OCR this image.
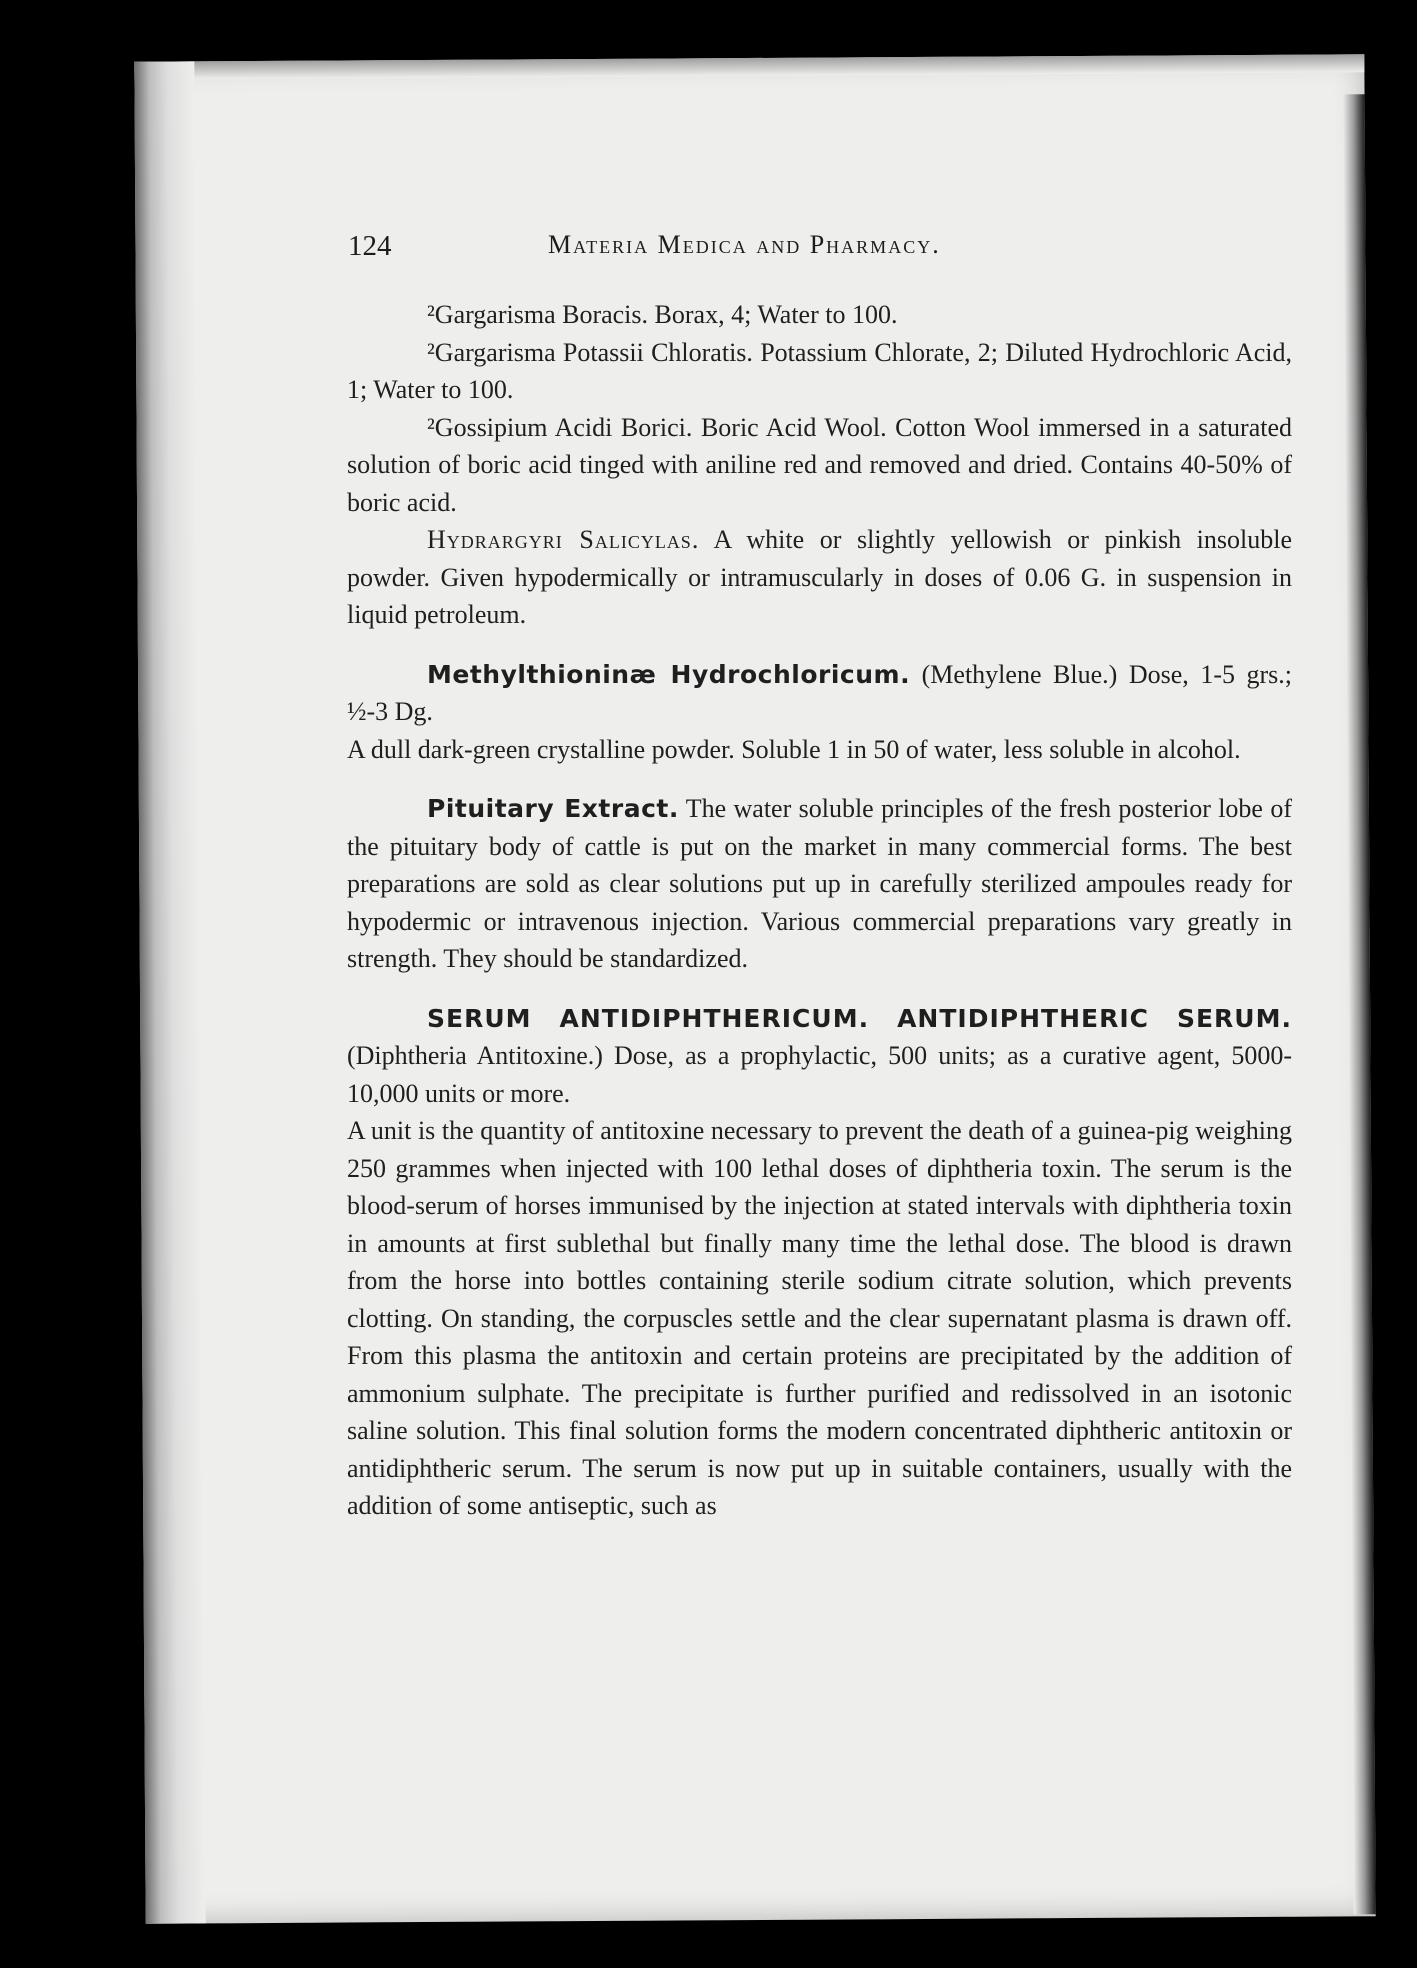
124	Materia Medica and Pharmacy.

²Gargarisma Boracis. Borax, 4; Water to 100.

²Gargarisma Potassii Chloratis. Potassium Chlorate, 2; Diluted Hydrochloric Acid, 1; Water to 100.

²Gossipium Acidi Borici. Boric Acid Wool. Cotton Wool immersed in a saturated solution of boric acid tinged with aniline red and removed and dried. Contains 40-50% of boric acid.

Hydrargyri Salicylas. A white or slightly yellowish or pinkish insoluble powder. Given hypodermically or intramuscularly in doses of 0.06 G. in suspension in liquid petroleum.

Methylthioninæ Hydrochloricum. (Methylene Blue.) Dose, 1-5 grs.; ½-3 Dg.

A dull dark-green crystalline powder. Soluble 1 in 50 of water, less soluble in alcohol.

Pituitary Extract. The water soluble principles of the fresh posterior lobe of the pituitary body of cattle is put on the market in many commercial forms. The best preparations are sold as clear solutions put up in carefully sterilized ampoules ready for hypodermic or intravenous injection. Various commercial preparations vary greatly in strength. They should be standardized.

SERUM ANTIDIPHTHERICUM. ANTIDIPHTHERIC SERUM. (Diphtheria Antitoxine.) Dose, as a prophylactic, 500 units; as a curative agent, 5000-10,000 units or more.

A unit is the quantity of antitoxine necessary to prevent the death of a guinea-pig weighing 250 grammes when injected with 100 lethal doses of diphtheria toxin. The serum is the blood-serum of horses immunised by the injection at stated intervals with diphtheria toxin in amounts at first sublethal but finally many time the lethal dose. The blood is drawn from the horse into bottles containing sterile sodium citrate solution, which prevents clotting. On standing, the corpuscles settle and the clear supernatant plasma is drawn off. From this plasma the antitoxin and certain proteins are precipitated by the addition of ammonium sulphate. The precipitate is further purified and redissolved in an isotonic saline solution. This final solution forms the modern concentrated diphtheric antitoxin or antidiphtheric serum. The serum is now put up in suitable containers, usually with the addition of some antiseptic, such as
